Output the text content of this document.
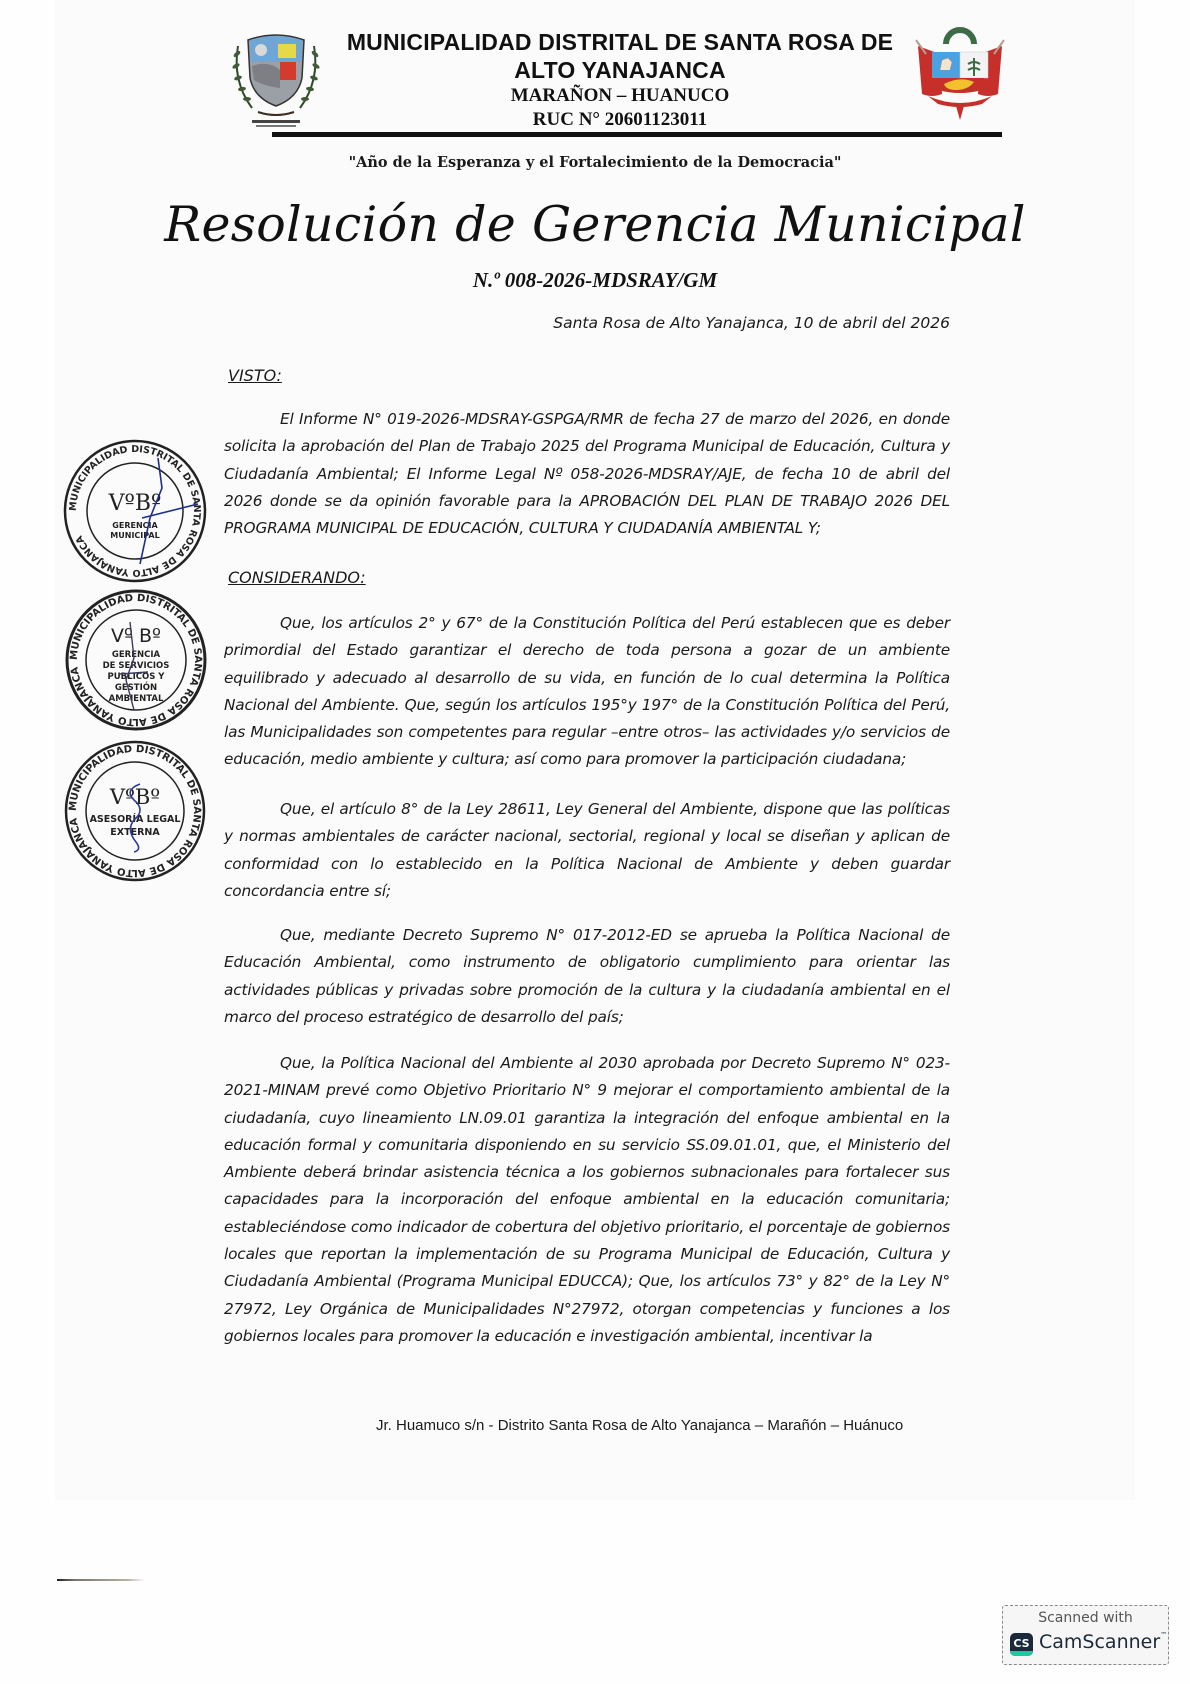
MUNICIPALIDAD DISTRITAL DE SANTA ROSA DE
ALTO YANAJANCA
MARAÑON – HUANUCO
RUC N° 20601123011
"Año de la Esperanza y el Fortalecimiento de la Democracia"
Resolución de Gerencia Municipal
N.º 008-2026-MDSRAY/GM
Santa Rosa de Alto Yanajanca, 10 de abril del 2026
VISTO:
El Informe N° 019-2026-MDSRAY-GSPGA/RMR de fecha 27 de marzo del 2026, en donde solicita la aprobación del Plan de Trabajo 2025 del Programa Municipal de Educación, Cultura y Ciudadanía Ambiental; El Informe Legal Nº 058-2026-MDSRAY/AJE, de fecha 10 de abril del 2026 donde se da opinión favorable para la APROBACIÓN DEL PLAN DE TRABAJO 2026 DEL PROGRAMA MUNICIPAL DE EDUCACIÓN, CULTURA Y CIUDADANÍA AMBIENTAL Y;
CONSIDERANDO:
Que, los artículos 2° y 67° de la Constitución Política del Perú establecen que es deber primordial del Estado garantizar el derecho de toda persona a gozar de un ambiente equilibrado y adecuado al desarrollo de su vida, en función de lo cual determina la Política Nacional del Ambiente. Que, según los artículos 195°y 197° de la Constitución Política del Perú, las Municipalidades son competentes para regular –entre otros– las actividades y/o servicios de educación, medio ambiente y cultura; así como para promover la participación ciudadana;
Que, el artículo 8° de la Ley 28611, Ley General del Ambiente, dispone que las políticas y normas ambientales de carácter nacional, sectorial, regional y local se diseñan y aplican de conformidad con lo establecido en la Política Nacional de Ambiente y deben guardar concordancia entre sí;
Que, mediante Decreto Supremo N° 017-2012-ED se aprueba la Política Nacional de Educación Ambiental, como instrumento de obligatorio cumplimiento para orientar las actividades públicas y privadas sobre promoción de la cultura y la ciudadanía ambiental en el marco del proceso estratégico de desarrollo del país;
Que, la Política Nacional del Ambiente al 2030 aprobada por Decreto Supremo N° 023-2021-MINAM prevé como Objetivo Prioritario N° 9 mejorar el comportamiento ambiental de la ciudadanía, cuyo lineamiento LN.09.01 garantiza la integración del enfoque ambiental en la educación formal y comunitaria disponiendo en su servicio SS.09.01.01, que, el Ministerio del Ambiente deberá brindar asistencia técnica a los gobiernos subnacionales para fortalecer sus capacidades para la incorporación del enfoque ambiental en la educación comunitaria; estableciéndose como indicador de cobertura del objetivo prioritario, el porcentaje de gobiernos locales que reportan la implementación de su Programa Municipal de Educación, Cultura y Ciudadanía Ambiental (Programa Municipal EDUCCA); Que, los artículos 73° y 82° de la Ley N° 27972, Ley Orgánica de Municipalidades N°27972, otorgan competencias y funciones a los gobiernos locales para promover la educación e investigación ambiental, incentivar la
MUNICIPALIDAD DISTRITAL DE SANTA ROSA DE ALTO YANAJANCA
VºBº
GERENCIA
MUNICIPAL
MUNICIPALIDAD DISTRITAL DE SANTA ROSA DE ALTO YANAJANCA
Vº Bº
GERENCIA
DE SERVICIOS
PUBLICOS Y
GESTIÓN
AMBIENTAL
MUNICIPALIDAD DISTRITAL DE SANTA ROSA DE ALTO YANAJANCA
VºBº
ASESORÍA LEGAL
EXTERNA
Jr. Huamuco s/n - Distrito Santa Rosa de Alto Yanajanca – Marañón – Huánuco
Scanned with
CS CamScanner™
